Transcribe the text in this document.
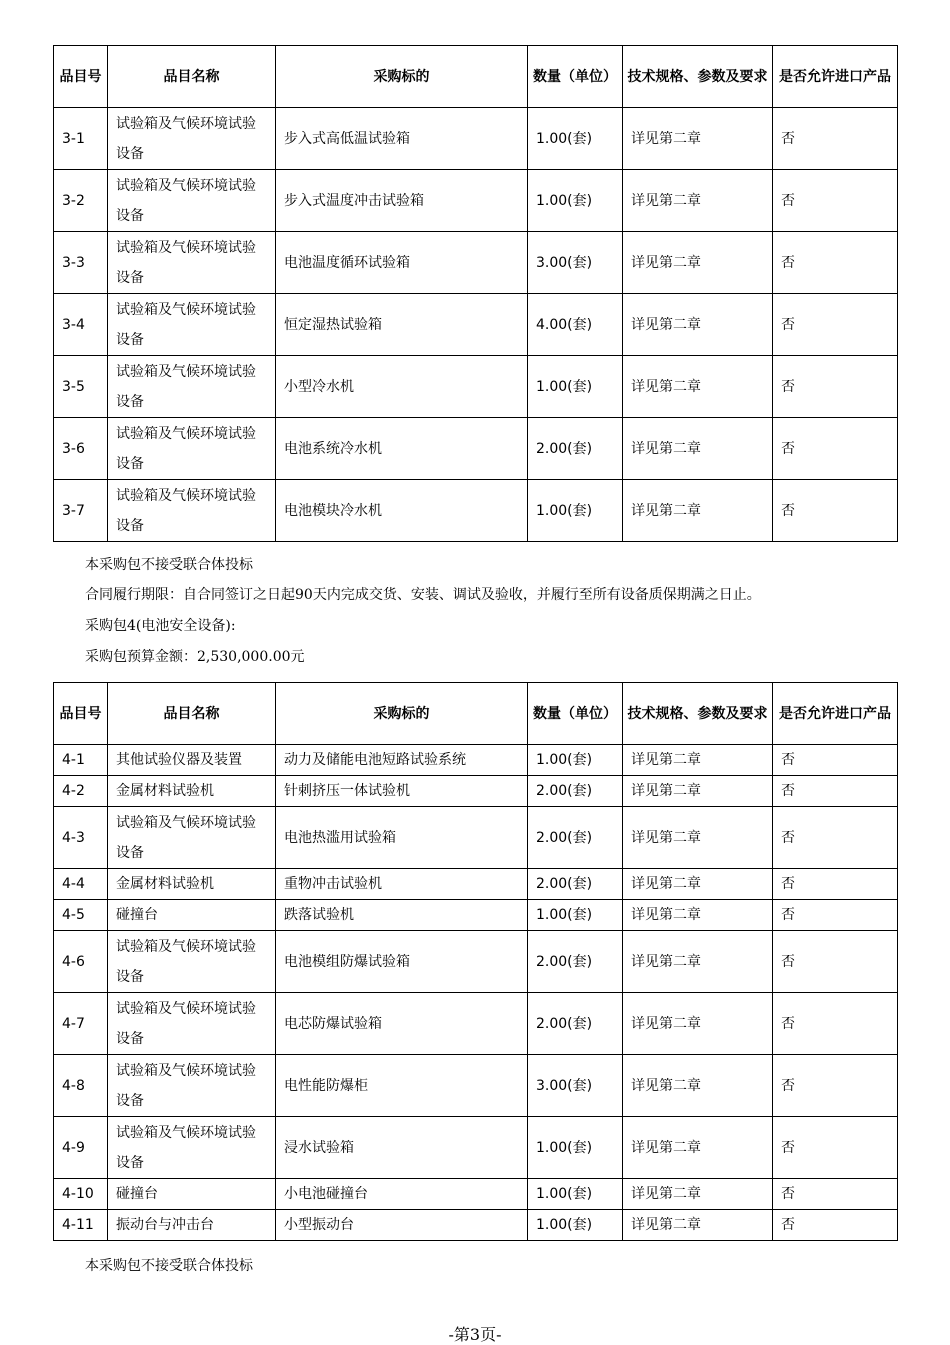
品目号	品目名称	采购标的	数量（单位）	技术规格、参数及要求	是否允许进口产品
3-1	试验箱及气候环境试验设备	步入式高低温试验箱	1.00(套)	详见第二章	否
3-2	试验箱及气候环境试验设备	步入式温度冲击试验箱	1.00(套)	详见第二章	否
3-3	试验箱及气候环境试验设备	电池温度循环试验箱	3.00(套)	详见第二章	否
3-4	试验箱及气候环境试验设备	恒定湿热试验箱	4.00(套)	详见第二章	否
3-5	试验箱及气候环境试验设备	小型冷水机	1.00(套)	详见第二章	否
3-6	试验箱及气候环境试验设备	电池系统冷水机	2.00(套)	详见第二章	否
3-7	试验箱及气候环境试验设备	电池模块冷水机	1.00(套)	详见第二章	否
本采购包不接受联合体投标
合同履行期限：自合同签订之日起90天内完成交货、安装、调试及验收，并履行至所有设备质保期满之日止。
采购包4(电池安全设备):
采购包预算金额：2,530,000.00元
品目号	品目名称	采购标的	数量（单位）	技术规格、参数及要求	是否允许进口产品
4-1	其他试验仪器及装置	动力及储能电池短路试验系统	1.00(套)	详见第二章	否
4-2	金属材料试验机	针刺挤压一体试验机	2.00(套)	详见第二章	否
4-3	试验箱及气候环境试验设备	电池热滥用试验箱	2.00(套)	详见第二章	否
4-4	金属材料试验机	重物冲击试验机	2.00(套)	详见第二章	否
4-5	碰撞台	跌落试验机	1.00(套)	详见第二章	否
4-6	试验箱及气候环境试验设备	电池模组防爆试验箱	2.00(套)	详见第二章	否
4-7	试验箱及气候环境试验设备	电芯防爆试验箱	2.00(套)	详见第二章	否
4-8	试验箱及气候环境试验设备	电性能防爆柜	3.00(套)	详见第二章	否
4-9	试验箱及气候环境试验设备	浸水试验箱	1.00(套)	详见第二章	否
4-10	碰撞台	小电池碰撞台	1.00(套)	详见第二章	否
4-11	振动台与冲击台	小型振动台	1.00(套)	详见第二章	否
本采购包不接受联合体投标
-第3页-
